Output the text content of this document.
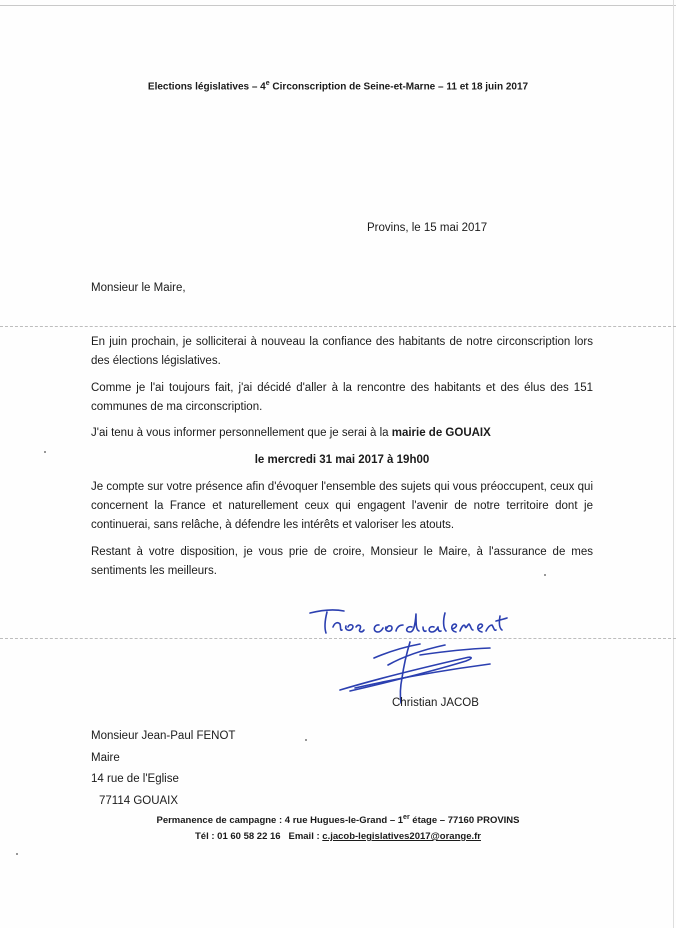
Elections législatives – 4e Circonscription de Seine-et-Marne – 11 et 18 juin 2017
Provins, le 15 mai 2017
Monsieur le Maire,
En juin prochain, je solliciterai à nouveau la confiance des habitants de notre circonscription lors des élections législatives.
Comme je l'ai toujours fait, j'ai décidé d'aller à la rencontre des habitants et des élus des 151 communes de ma circonscription.
J'ai tenu à vous informer personnellement que je serai à la mairie de GOUAIX
le mercredi 31 mai 2017 à 19h00
Je compte sur votre présence afin d'évoquer l'ensemble des sujets qui vous préoccupent, ceux qui concernent la France et naturellement ceux qui engagent l'avenir de notre territoire dont je continuerai, sans relâche, à défendre les intérêts et valoriser les atouts.
Restant à votre disposition, je vous prie de croire, Monsieur le Maire, à l'assurance de mes sentiments les meilleurs.
Christian JACOB
Monsieur Jean-Paul FENOT
Maire
14 rue de l'Eglise
77114 GOUAIX
Permanence de campagne : 4 rue Hugues-le-Grand – 1er étage – 77160 PROVINS
Tél : 01 60 58 22 16 Email : c.jacob-legislatives2017@orange.fr
